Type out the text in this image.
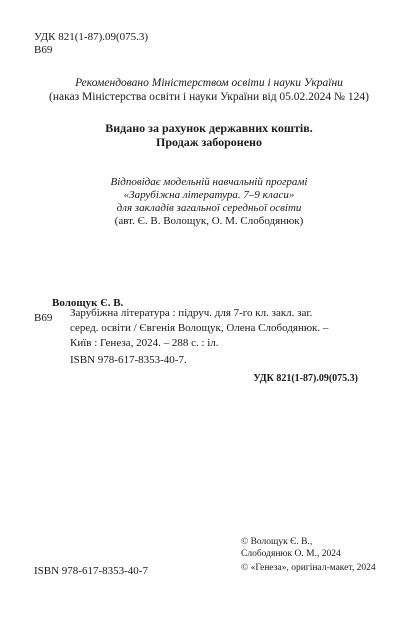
УДК 821(1-87).09(075.3)
В69
Рекомендовано Міністерством освіти і науки України
(наказ Міністерства освіти і науки України від 05.02.2024 № 124)
Видано за рахунок державних коштів.
Продаж заборонено
Відповідає модельній навчальній програмі
«Зарубіжна література. 7–9 класи»
для закладів загальної середньої освіти
(авт. Є. В. Волощук, О. М. Слободянюк)
Волощук Є. В.
В69 Зарубіжна література : підруч. для 7-го кл. закл. заг. серед. освіти / Євгенія Волощук, Олена Слободянюк. – Київ : Генеза, 2024. – 288 с. : іл.
ISBN 978-617-8353-40-7.
УДК 821(1-87).09(075.3)
ISBN 978-617-8353-40-7
© Волощук Є. В.,
Слободянюк О. М., 2024
© «Генеза», оригінал-макет, 2024
